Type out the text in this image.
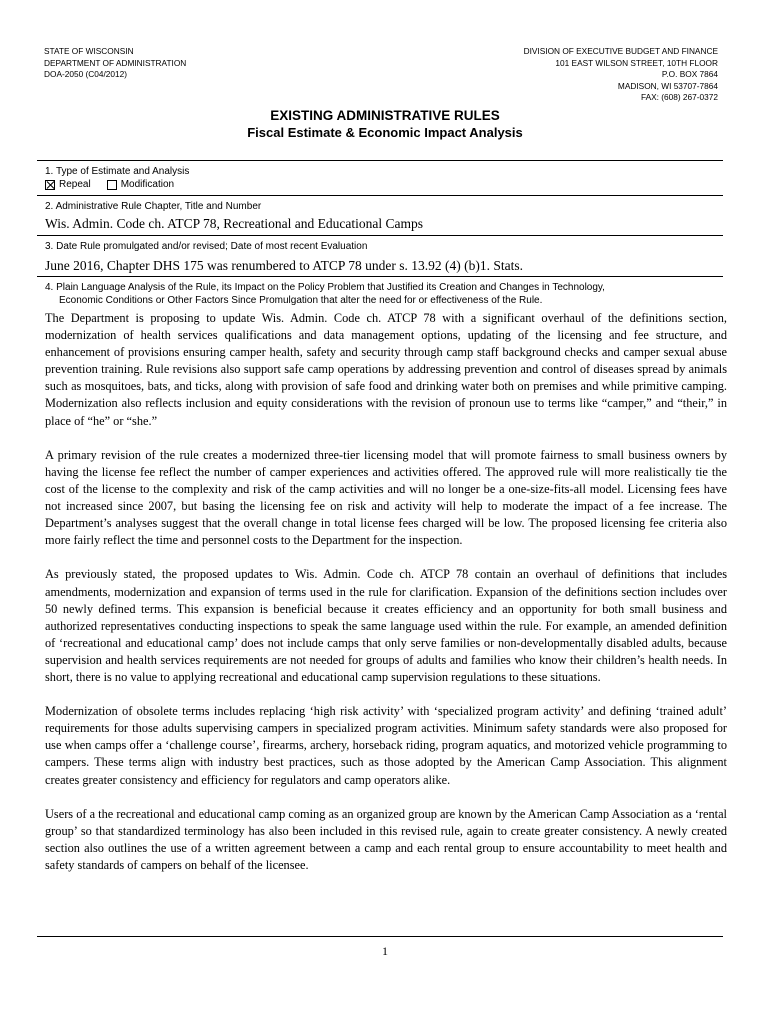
STATE OF WISCONSIN
DEPARTMENT OF ADMINISTRATION
DOA-2050 (C04/2012)
DIVISION OF EXECUTIVE BUDGET AND FINANCE
101 EAST WILSON STREET, 10TH FLOOR
P.O. BOX 7864
MADISON, WI 53707-7864
FAX: (608) 267-0372
EXISTING ADMINISTRATIVE RULES
Fiscal Estimate & Economic Impact Analysis
1. Type of Estimate and Analysis
Repeal	Modification
2. Administrative Rule Chapter, Title and Number
Wis. Admin. Code ch. ATCP 78, Recreational and Educational Camps
3. Date Rule promulgated and/or revised; Date of most recent Evaluation
June 2016, Chapter DHS 175 was renumbered to ATCP 78 under s. 13.92 (4) (b)1. Stats.
4. Plain Language Analysis of the Rule, its Impact on the Policy Problem that Justified its Creation and Changes in Technology,
Economic Conditions or Other Factors Since Promulgation that alter the need for or effectiveness of the Rule.

The Department is proposing to update Wis. Admin. Code ch. ATCP 78 with a significant overhaul of the definitions section, modernization of health services qualifications and data management options, updating of the licensing and fee structure, and enhancement of provisions ensuring camper health, safety and security through camp staff background checks and camper sexual abuse prevention training. Rule revisions also support safe camp operations by addressing prevention and control of diseases spread by animals such as mosquitoes, bats, and ticks, along with provision of safe food and drinking water both on premises and while primitive camping. Modernization also reflects inclusion and equity considerations with the revision of pronoun use to terms like “camper,” and “their,” in place of “he” or “she.”

A primary revision of the rule creates a modernized three-tier licensing model that will promote fairness to small business owners by having the license fee reflect the number of camper experiences and activities offered. The approved rule will more realistically tie the cost of the license to the complexity and risk of the camp activities and will no longer be a one-size-fits-all model. Licensing fees have not increased since 2007, but basing the licensing fee on risk and activity will help to moderate the impact of a fee increase. The Department’s analyses suggest that the overall change in total license fees charged will be low. The proposed licensing fee criteria also more fairly reflect the time and personnel costs to the Department for the inspection.

As previously stated, the proposed updates to Wis. Admin. Code ch. ATCP 78 contain an overhaul of definitions that includes amendments, modernization and expansion of terms used in the rule for clarification. Expansion of the definitions section includes over 50 newly defined terms. This expansion is beneficial because it creates efficiency and an opportunity for both small business and authorized representatives conducting inspections to speak the same language used within the rule. For example, an amended definition of ‘recreational and educational camp’ does not include camps that only serve families or non-developmentally disabled adults, because supervision and health services requirements are not needed for groups of adults and families who know their children’s health needs. In short, there is no value to applying recreational and educational camp supervision regulations to these situations.

Modernization of obsolete terms includes replacing ‘high risk activity’ with ‘specialized program activity’ and defining ‘trained adult’ requirements for those adults supervising campers in specialized program activities. Minimum safety standards were also proposed for use when camps offer a ‘challenge course’, firearms, archery, horseback riding, program aquatics, and motorized vehicle programming to campers. These terms align with industry best practices, such as those adopted by the American Camp Association. This alignment creates greater consistency and efficiency for regulators and camp operators alike.

Users of a the recreational and educational camp coming as an organized group are known by the American Camp Association as a ‘rental group’ so that standardized terminology has also been included in this revised rule, again to create greater consistency. A newly created section also outlines the use of a written agreement between a camp and each rental group to ensure accountability to meet health and safety standards of campers on behalf of the licensee.

1
